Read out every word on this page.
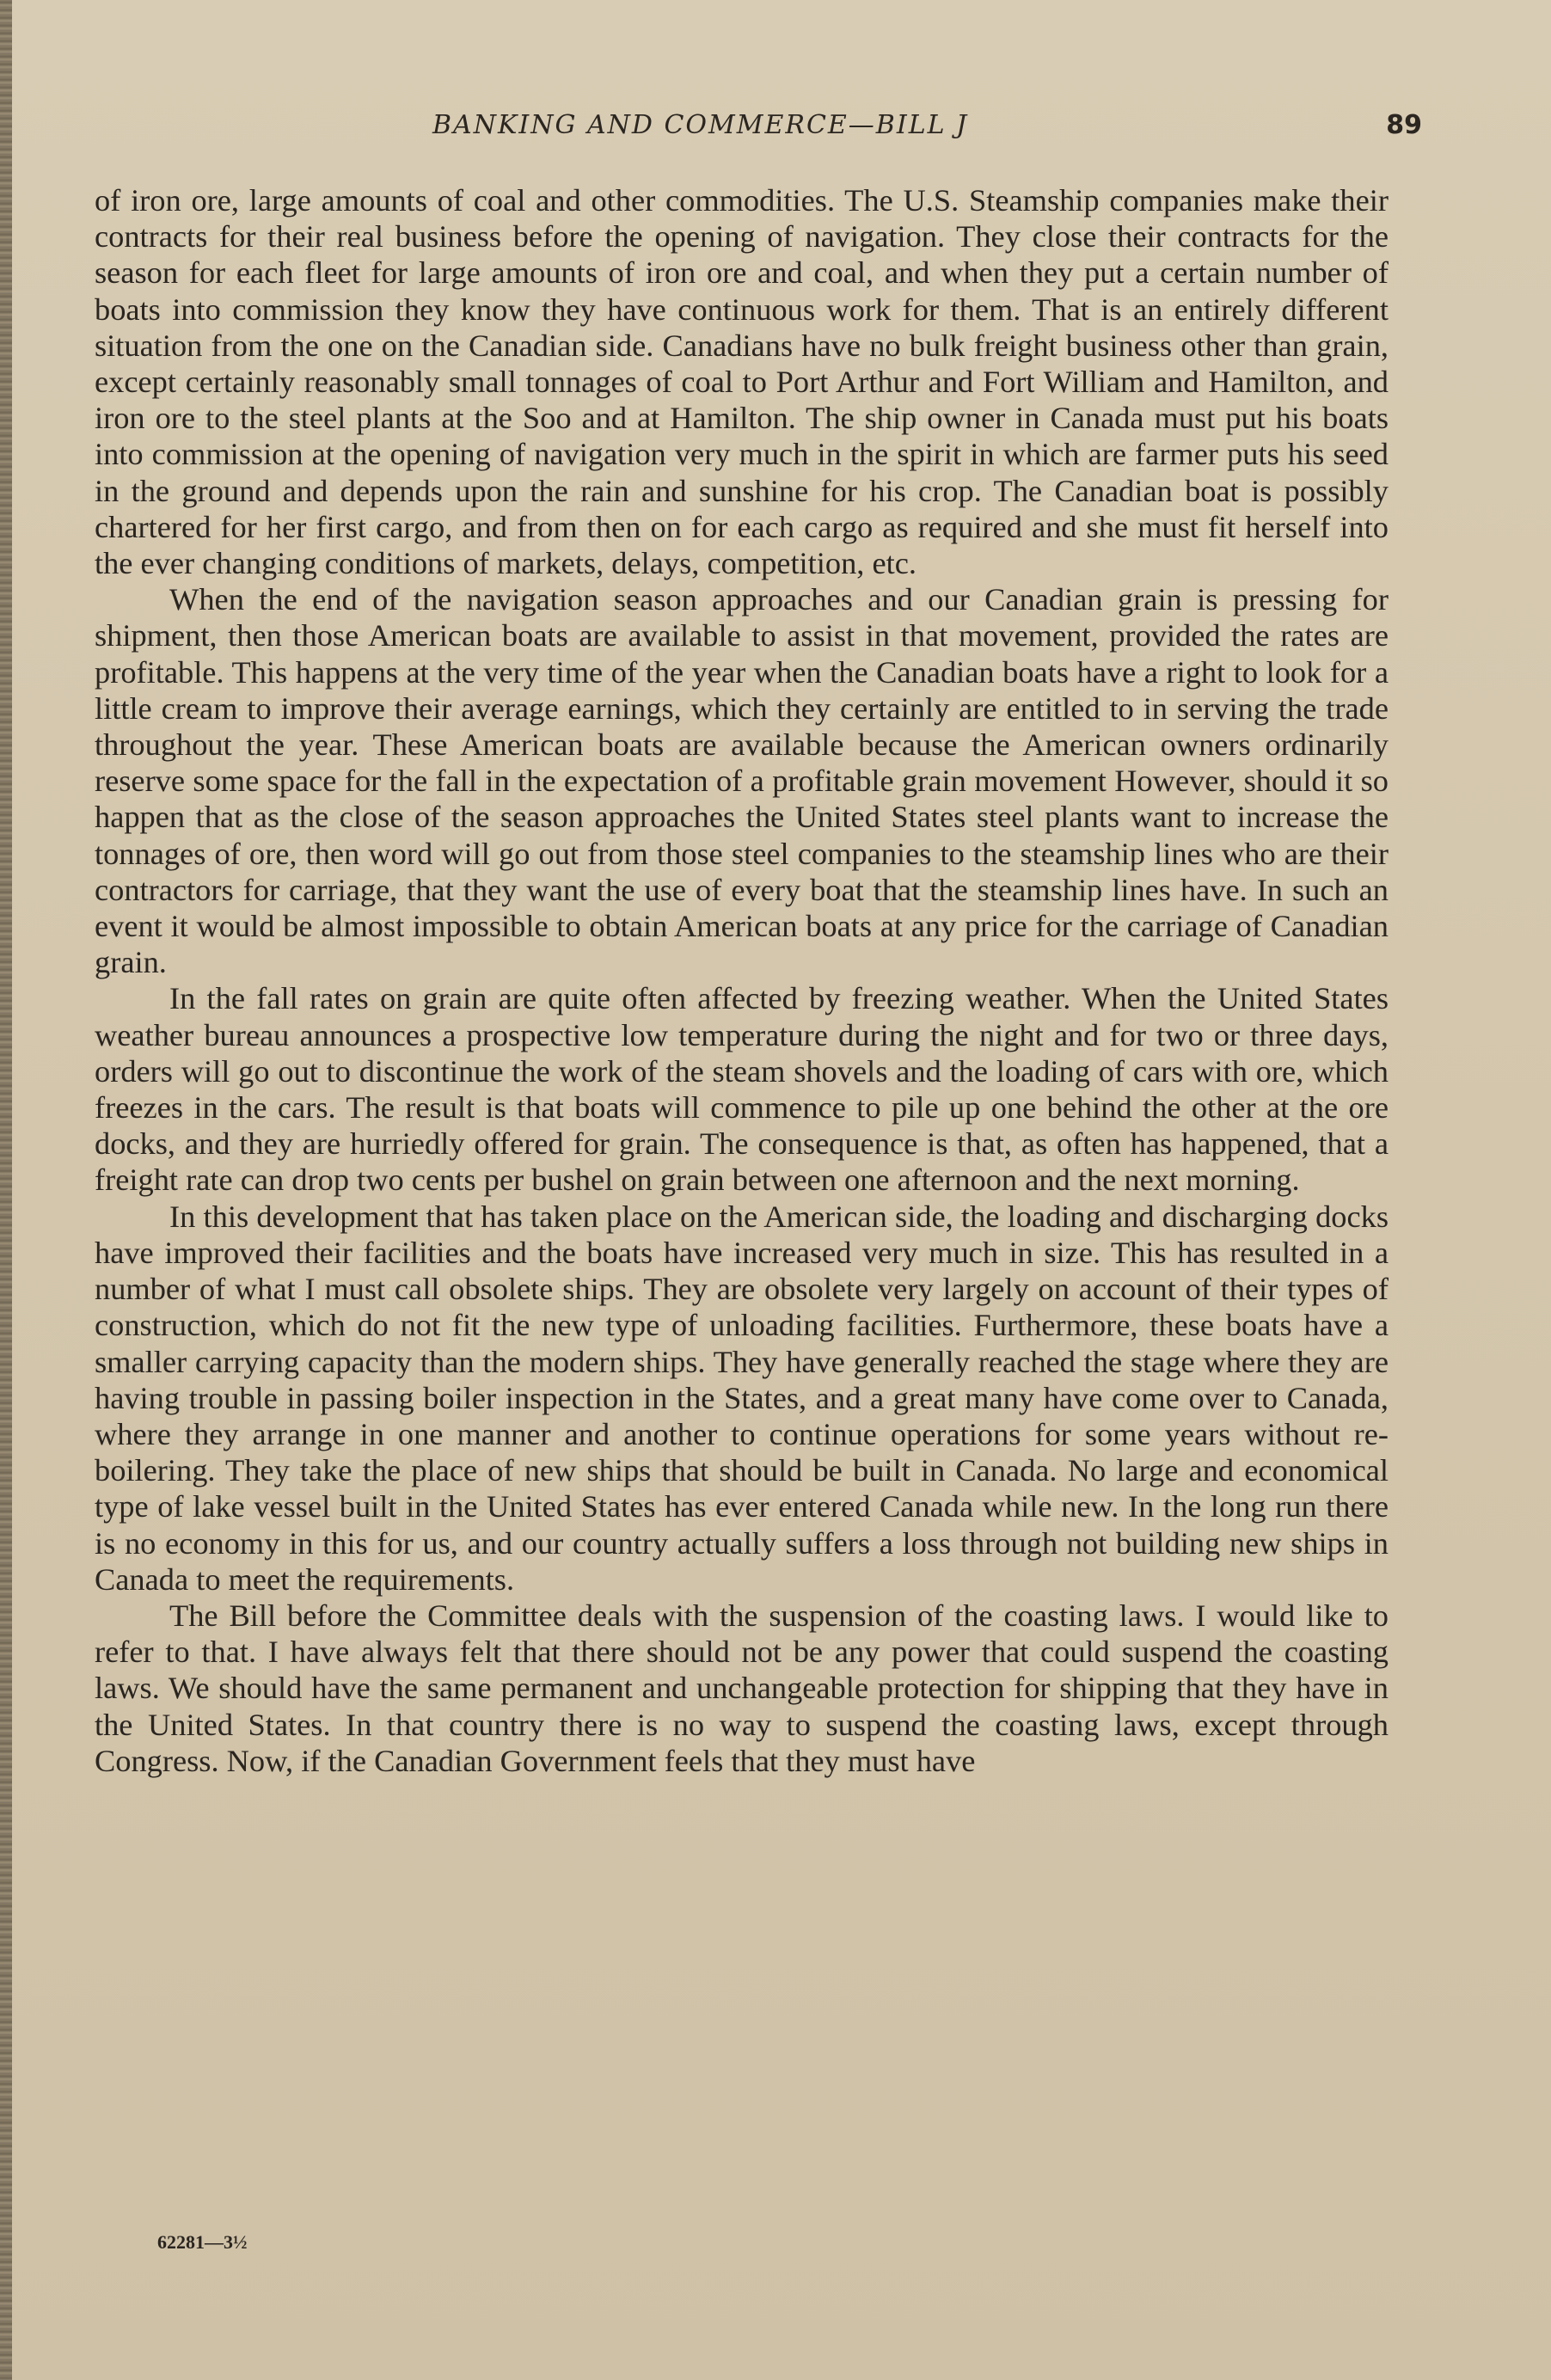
BANKING AND COMMERCE—BILL J	89

of iron ore, large amounts of coal and other commodities. The U.S. Steamship companies make their contracts for their real business before the opening of navigation. They close their contracts for the season for each fleet for large amounts of iron ore and coal, and when they put a certain number of boats into commission they know they have continuous work for them. That is an entirely different situation from the one on the Canadian side. Canadians have no bulk freight business other than grain, except certainly reasonably small tonnages of coal to Port Arthur and Fort William and Hamilton, and iron ore to the steel plants at the Soo and at Hamilton. The ship owner in Canada must put his boats into commission at the opening of navigation very much in the spirit in which are farmer puts his seed in the ground and depends upon the rain and sunshine for his crop. The Canadian boat is possibly chartered for her first cargo, and from then on for each cargo as required and she must fit herself into the ever changing conditions of markets, delays, competition, etc.

When the end of the navigation season approaches and our Canadian grain is pressing for shipment, then those American boats are available to assist in that movement, provided the rates are profitable. This happens at the very time of the year when the Canadian boats have a right to look for a little cream to improve their average earnings, which they certainly are entitled to in serving the trade throughout the year. These American boats are available because the American owners ordinarily reserve some space for the fall in the expectation of a profitable grain movement However, should it so happen that as the close of the season approaches the United States steel plants want to increase the tonnages of ore, then word will go out from those steel companies to the steamship lines who are their contractors for carriage, that they want the use of every boat that the steamship lines have. In such an event it would be almost impossible to obtain American boats at any price for the carriage of Canadian grain.

In the fall rates on grain are quite often affected by freezing weather. When the United States weather bureau announces a prospective low temperature during the night and for two or three days, orders will go out to discontinue the work of the steam shovels and the loading of cars with ore, which freezes in the cars. The result is that boats will commence to pile up one behind the other at the ore docks, and they are hurriedly offered for grain. The consequence is that, as often has happened, that a freight rate can drop two cents per bushel on grain between one afternoon and the next morning.

In this development that has taken place on the American side, the loading and discharging docks have improved their facilities and the boats have increased very much in size. This has resulted in a number of what I must call obsolete ships. They are obsolete very largely on account of their types of construction, which do not fit the new type of unloading facilities. Furthermore, these boats have a smaller carrying capacity than the modern ships. They have generally reached the stage where they are having trouble in passing boiler inspection in the States, and a great many have come over to Canada, where they arrange in one manner and another to continue operations for some years without re-boilering. They take the place of new ships that should be built in Canada. No large and economical type of lake vessel built in the United States has ever entered Canada while new. In the long run there is no economy in this for us, and our country actually suffers a loss through not building new ships in Canada to meet the requirements.

The Bill before the Committee deals with the suspension of the coasting laws. I would like to refer to that. I have always felt that there should not be any power that could suspend the coasting laws. We should have the same permanent and unchangeable protection for shipping that they have in the United States. In that country there is no way to suspend the coasting laws, except through Congress. Now, if the Canadian Government feels that they must have

62281—3½
